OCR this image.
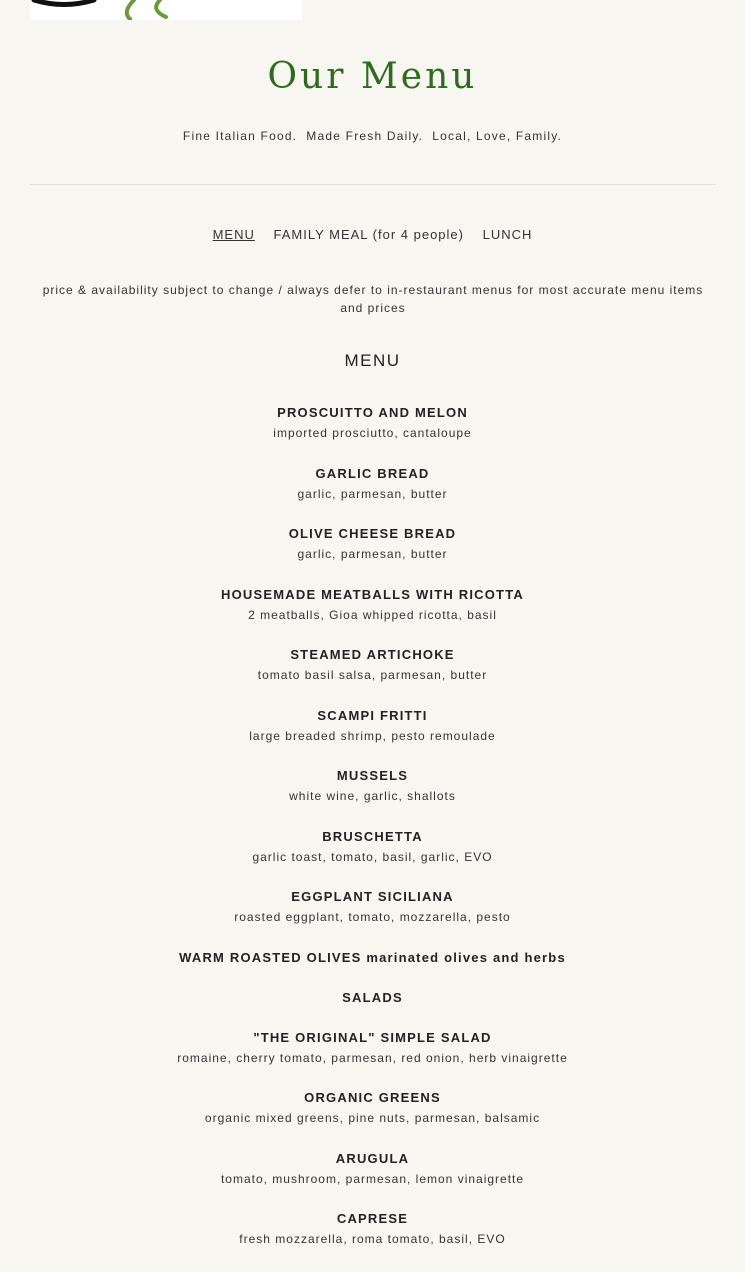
Our Menu
Fine Italian Food.  Made Fresh Daily.  Local, Love, Family.
MENU FAMILY MEAL (for 4 people) LUNCH
price & availability subject to change / always defer to in-restaurant menus for most accurate menu items and prices
MENU
PROSCUITTO AND MELON
imported prosciutto, cantaloupe
GARLIC BREAD
garlic, parmesan, butter
OLIVE CHEESE BREAD
garlic, parmesan, butter
HOUSEMADE MEATBALLS WITH RICOTTA
2 meatballs, Gioa whipped ricotta, basil
STEAMED ARTICHOKE
tomato basil salsa, parmesan, butter
SCAMPI FRITTI
large breaded shrimp, pesto remoulade
MUSSELS
white wine, garlic, shallots
BRUSCHETTA
garlic toast, tomato, basil, garlic, EVO
EGGPLANT SICILIANA
roasted eggplant, tomato, mozzarella, pesto
WARM ROASTED OLIVES marinated olives and herbs
SALADS
"THE ORIGINAL" SIMPLE SALAD
romaine, cherry tomato, parmesan, red onion, herb vinaigrette
ORGANIC GREENS
organic mixed greens, pine nuts, parmesan, balsamic
ARUGULA
tomato, mushroom, parmesan, lemon vinaigrette
CAPRESE
fresh mozzarella, roma tomato, basil, EVO
